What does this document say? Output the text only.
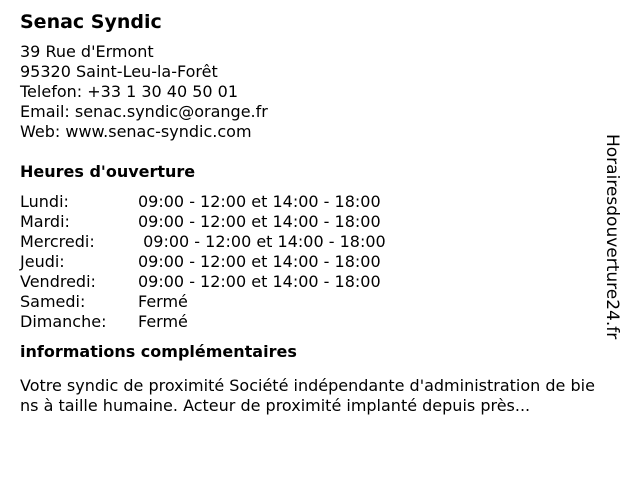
Senac Syndic
39 Rue d'Ermont
95320 Saint-Leu-la-Forêt
Telefon: +33 1 30 40 50 01
Email: senac.syndic@orange.fr
Web: www.senac-syndic.com
Heures d'ouverture
Lundi:	09:00 - 12:00 et 14:00 - 18:00
Mardi:	09:00 - 12:00 et 14:00 - 18:00
Mercredi:	09:00 - 12:00 et 14:00 - 18:00
Jeudi:	09:00 - 12:00 et 14:00 - 18:00
Vendredi:	09:00 - 12:00 et 14:00 - 18:00
Samedi:	Fermé
Dimanche:	Fermé
informations complémentaires
Votre syndic de proximité Société indépendante d'administration de biens à taille humaine. Acteur de proximité implanté depuis près...
Horairesdouverture24.fr
